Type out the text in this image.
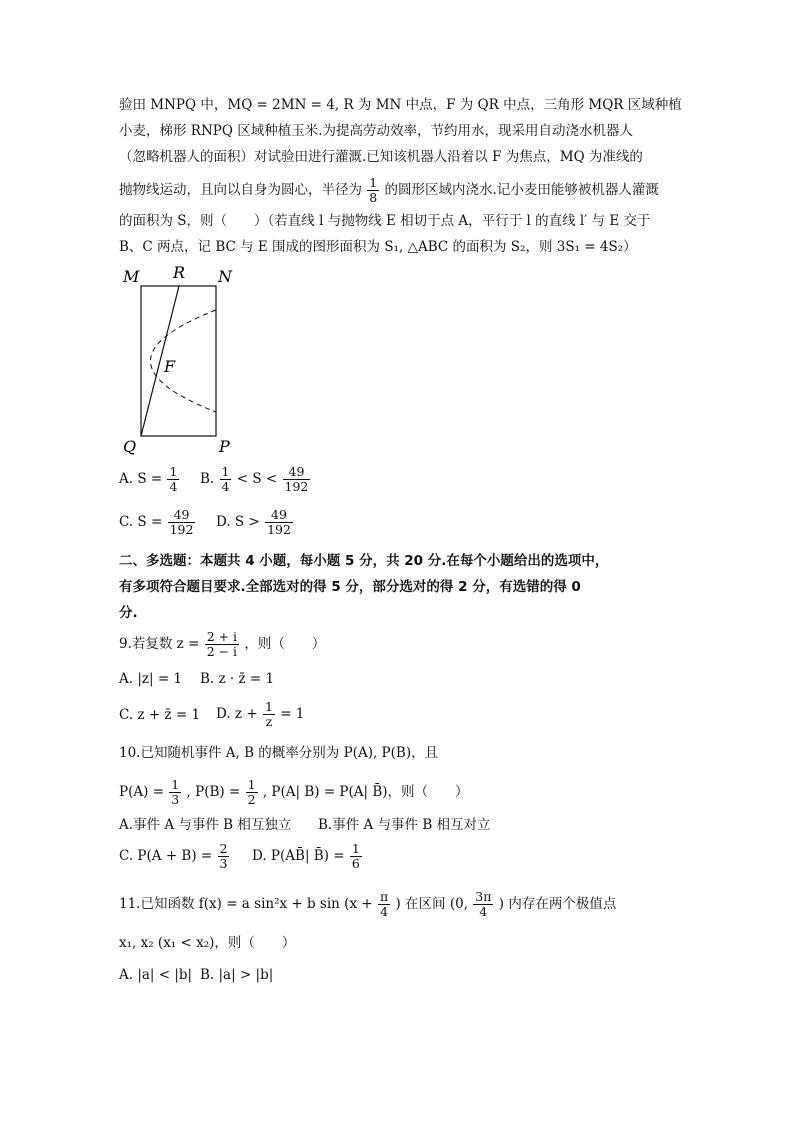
验田 MNPQ 中，MQ = 2MN = 4, R 为 MN 中点，F 为 QR 中点，三角形 MQR 区域种植
小麦，梯形 RNPQ 区域种植玉米.为提高劳动效率，节约用水，现采用自动浇水机器人
（忽略机器人的面积）对试验田进行灌溉.已知该机器人沿着以 F 为焦点，MQ 为准线的
抛物线运动，且向以自身为圆心，半径为 $\frac{1}{8}$ 的圆形区域内浇水.记小麦田能够被机器人灌溉
的面积为 S，则（　　）（若直线 l 与抛物线 E 相切于点 A，平行于 l 的直线 l′ 与 E 交于
B、C 两点，记 BC 与 E 围成的图形面积为 S₁, △ABC 的面积为 S₂，则 3S₁ = 4S₂）
M R N
F
Q	P
A. $S = \frac{1}{4} B$. $\frac{1}{4} < S < \frac{49}{192}$
C. $S = \frac{49}{192} D$. $S > \frac{49}{192}$
二、多选题：本题共 4 小题，每小题 5 分，共 20 分.在每个小题给出的选项中，
有多项符合题目要求.全部选对的得 5 分，部分选对的得 2 分，有选错的得 0
分.
9.若复数 $z = \frac{2 + i}{2 - i}$ ，则（　　）
A. |z| = 1 B. z · z̄ = 1
C. z + z̄ = 1 D. $z + \frac{1}{z} = 1$
10.已知随机事件 A, B 的概率分别为 P(A), P(B)，且
$P(A) = \frac{1}{3}$ , $P(B) = \frac{1}{2}$ , P(A| B) = P(A| B̄)，则（　　）
A.事件 A 与事件 B 相互独立 B.事件 A 与事件 B 相互对立
C. $P(A + B) = \frac{2}{3} D$. P(AB̄| B̄) = $\frac{1}{6}$
11.已知函数 f(x) = a sin²x + b $\sin (x + \frac{\pi}{4}$ ) 在区间 (0, $\frac{3\pi}{4}$ ) 内存在两个极值点
x₁, x₂ (x₁ < x₂)，则（　　）
A. |a| < |b| B. |a| > |b|
